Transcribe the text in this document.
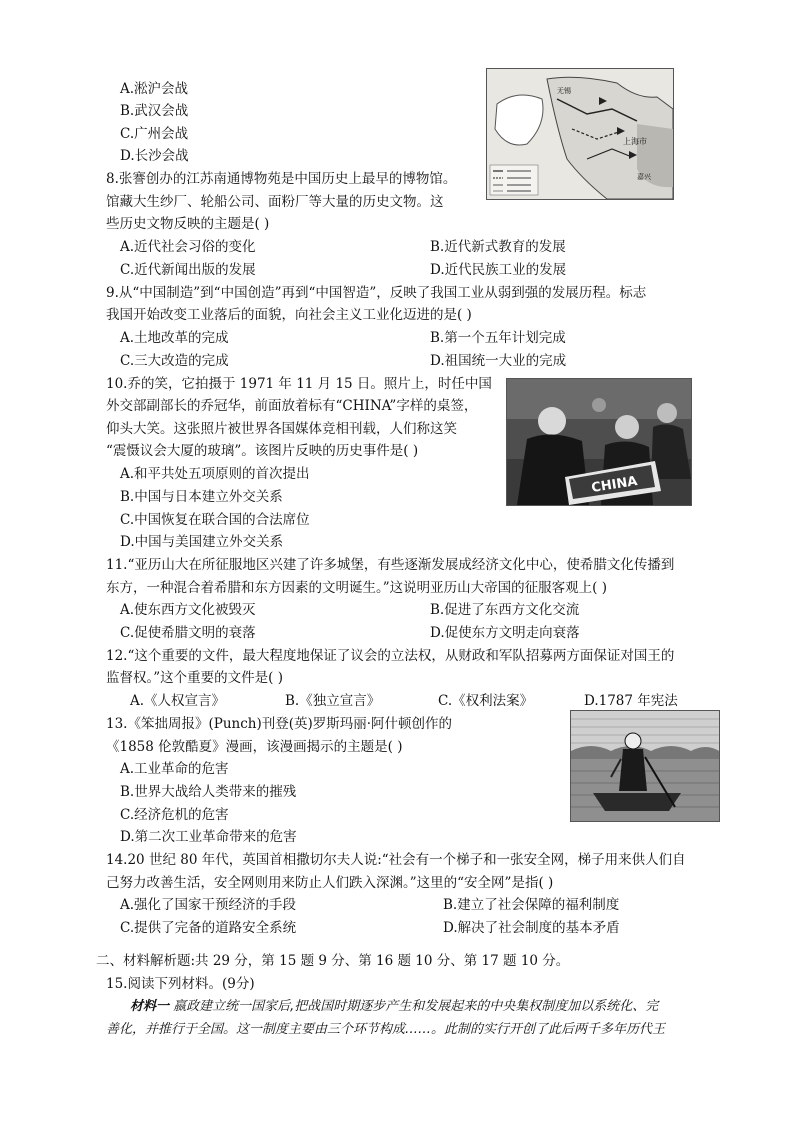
A.淞沪会战
B.武汉会战
C.广州会战
D.长沙会战
上海市
嘉兴
无锡
8.张謇创办的江苏南通博物苑是中国历史上最早的博物馆。
馆藏大生纱厂、轮船公司、面粉厂等大量的历史文物。这
些历史文物反映的主题是( )
A.近代社会习俗的变化	B.近代新式教育的发展
C.近代新闻出版的发展	D.近代民族工业的发展
9.从“中国制造”到“中国创造”再到“中国智造”，反映了我国工业从弱到强的发展历程。标志
我国开始改变工业落后的面貌，向社会主义工业化迈进的是( )
A.土地改革的完成	B.第一个五年计划完成
C.三大改造的完成	D.祖国统一大业的完成
10.乔的笑，它拍摄于 1971 年 11 月 15 日。照片上，时任中国
外交部副部长的乔冠华，前面放着标有“CHINA”字样的桌签，
仰头大笑。这张照片被世界各国媒体竞相刊载，人们称这笑
“震慑议会大厦的玻璃”。该图片反映的历史事件是( )
A.和平共处五项原则的首次提出
B.中国与日本建立外交关系
C.中国恢复在联合国的合法席位
D.中国与美国建立外交关系
CHINA
11.“亚历山大在所征服地区兴建了许多城堡，有些逐渐发展成经济文化中心，使希腊文化传播到
东方，一种混合着希腊和东方因素的文明诞生。”这说明亚历山大帝国的征服客观上( )
A.使东西方文化被毁灭	B.促进了东西方文化交流
C.促使希腊文明的衰落	D.促使东方文明走向衰落
12.“这个重要的文件，最大程度地保证了议会的立法权，从财政和军队招募两方面保证对国王的
监督权。”这个重要的文件是( )
A.《人权宣言》	B.《独立宣言》	C.《权利法案》	D.1787 年宪法
13.《笨拙周报》(Punch)刊登(英)罗斯玛丽·阿什顿创作的
《1858 伦敦酷夏》漫画，该漫画揭示的主题是( )
A.工业革命的危害
B.世界大战给人类带来的摧残
C.经济危机的危害
D.第二次工业革命带来的危害
14.20 世纪 80 年代，英国首相撒切尔夫人说:“社会有一个梯子和一张安全网，梯子用来供人们自
己努力改善生活，安全网则用来防止人们跌入深渊。”这里的“安全网”是指( )
A.强化了国家干预经济的手段	B.建立了社会保障的福利制度
C.提供了完备的道路安全系统	D.解决了社会制度的基本矛盾
二、材料解析题:共 29 分，第 15 题 9 分、第 16 题 10 分、第 17 题 10 分。
15.阅读下列材料。(9分)
材料一 嬴政建立统一国家后,把战国时期逐步产生和发展起来的中央集权制度加以系统化、完
善化，并推行于全国。这一制度主要由三个环节构成……。此制的实行开创了此后两千多年历代王
